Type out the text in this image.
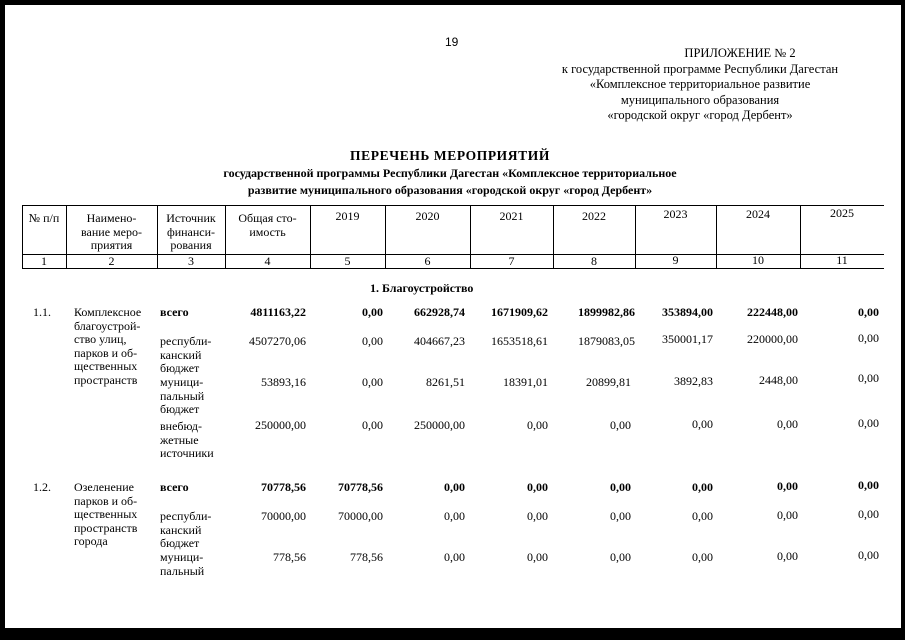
19
ПРИЛОЖЕНИЕ № 2
к государственной программе Республики Дагестан
«Комплексное территориальное развитие
муниципального образования
«городской округ «город Дербент»
ПЕРЕЧЕНЬ МЕРОПРИЯТИЙ
государственной программы Республики Дагестан «Комплексное территориальное
развитие муниципального образования «городской округ «город Дербент»
№ п/п	Наимено-
вание меро-
приятия
Источник
финанси-
рования
Общая сто-
имость
2019	2020	2021	2022	2023	2024	2025
1	2	3	4	5	6	7	8	9	10	11
1. Благоустройство
1.1. Комплексное
благоустрой-
ство улиц,
парков и об-
щественных
пространств
всего	4811163,22	0,00	662928,74	1671909,62	1899982,86	353894,00	222448,00	0,00
республи-
канский
бюджет
4507270,06	0,00	404667,23	1653518,61	1879083,05	350001,17	220000,00	0,00
муници-
пальный
бюджет
53893,16	0,00	8261,51	18391,01	20899,81	3892,83	2448,00	0,00
внебюд-
жетные
источники
250000,00	0,00	250000,00	0,00	0,00	0,00	0,00	0,00
1.2. Озеленение
парков и об-
щественных
пространств
города
всего	70778,56	70778,56	0,00	0,00	0,00	0,00	0,00	0,00
республи-
канский
бюджет
70000,00	70000,00	0,00	0,00	0,00	0,00	0,00	0,00
муници-
пальный
778,56	778,56	0,00	0,00	0,00	0,00	0,00	0,00
